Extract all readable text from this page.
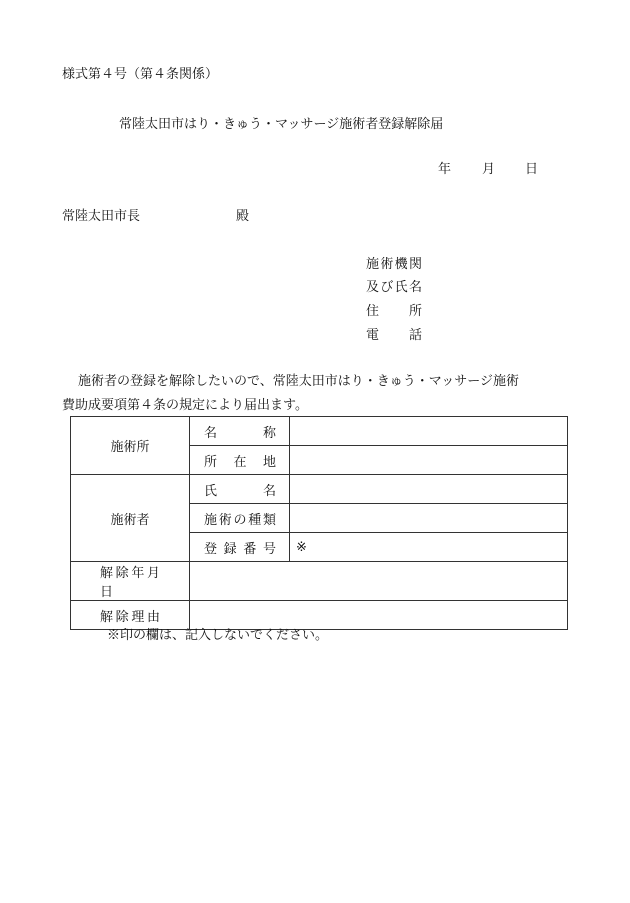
様式第４号（第４条関係）
常陸太田市はり・きゅう・マッサージ施術者登録解除届
年 月 日
常陸太田市長	殿
施術機関
及び氏名
住所
電話
施術者の登録を解除したいので、常陸太田市はり・きゅう・マッサージ施術
費助成要項第４条の規定により届出ます。
施術所	名称	
	所在地	
施術者	氏名	
	施術の種類	
	登録番号	※
解除年月日		
解除理由		
※印の欄は、記入しないでください。
